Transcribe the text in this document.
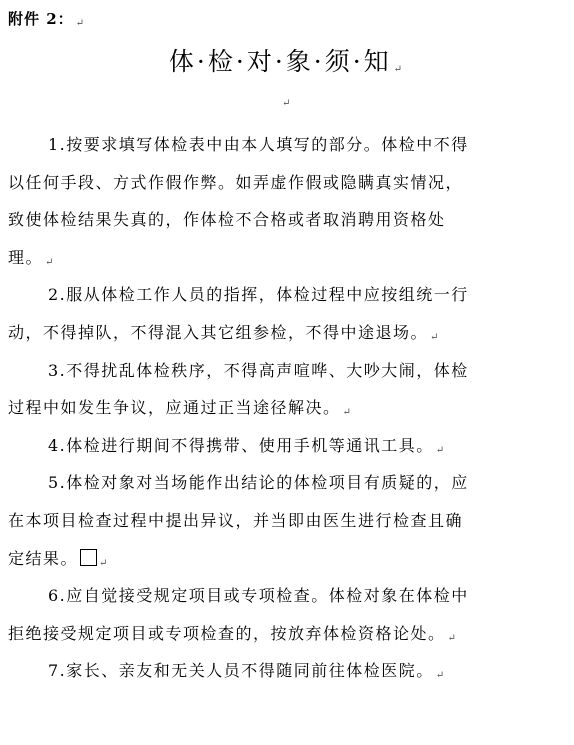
附件 2： ↵
体·检·对·象·须·知 ↵
↵
1.按要求填写体检表中由本人填写的部分。体检中不得
以任何手段、方式作假作弊。如弄虚作假或隐瞒真实情况，
致使体检结果失真的，作体检不合格或者取消聘用资格处
理。 ↵
2.服从体检工作人员的指挥，体检过程中应按组统一行
动，不得掉队，不得混入其它组参检，不得中途退场。 ↵
3.不得扰乱体检秩序，不得高声喧哗、大吵大闹，体检
过程中如发生争议，应通过正当途径解决。 ↵
4.体检进行期间不得携带、使用手机等通讯工具。 ↵
5.体检对象对当场能作出结论的体检项目有质疑的，应
在本项目检查过程中提出异议，并当即由医生进行检查且确
定结果。 ↵
6.应自觉接受规定项目或专项检查。体检对象在体检中
拒绝接受规定项目或专项检查的，按放弃体检资格论处。 ↵
7.家长、亲友和无关人员不得随同前往体检医院。 ↵
